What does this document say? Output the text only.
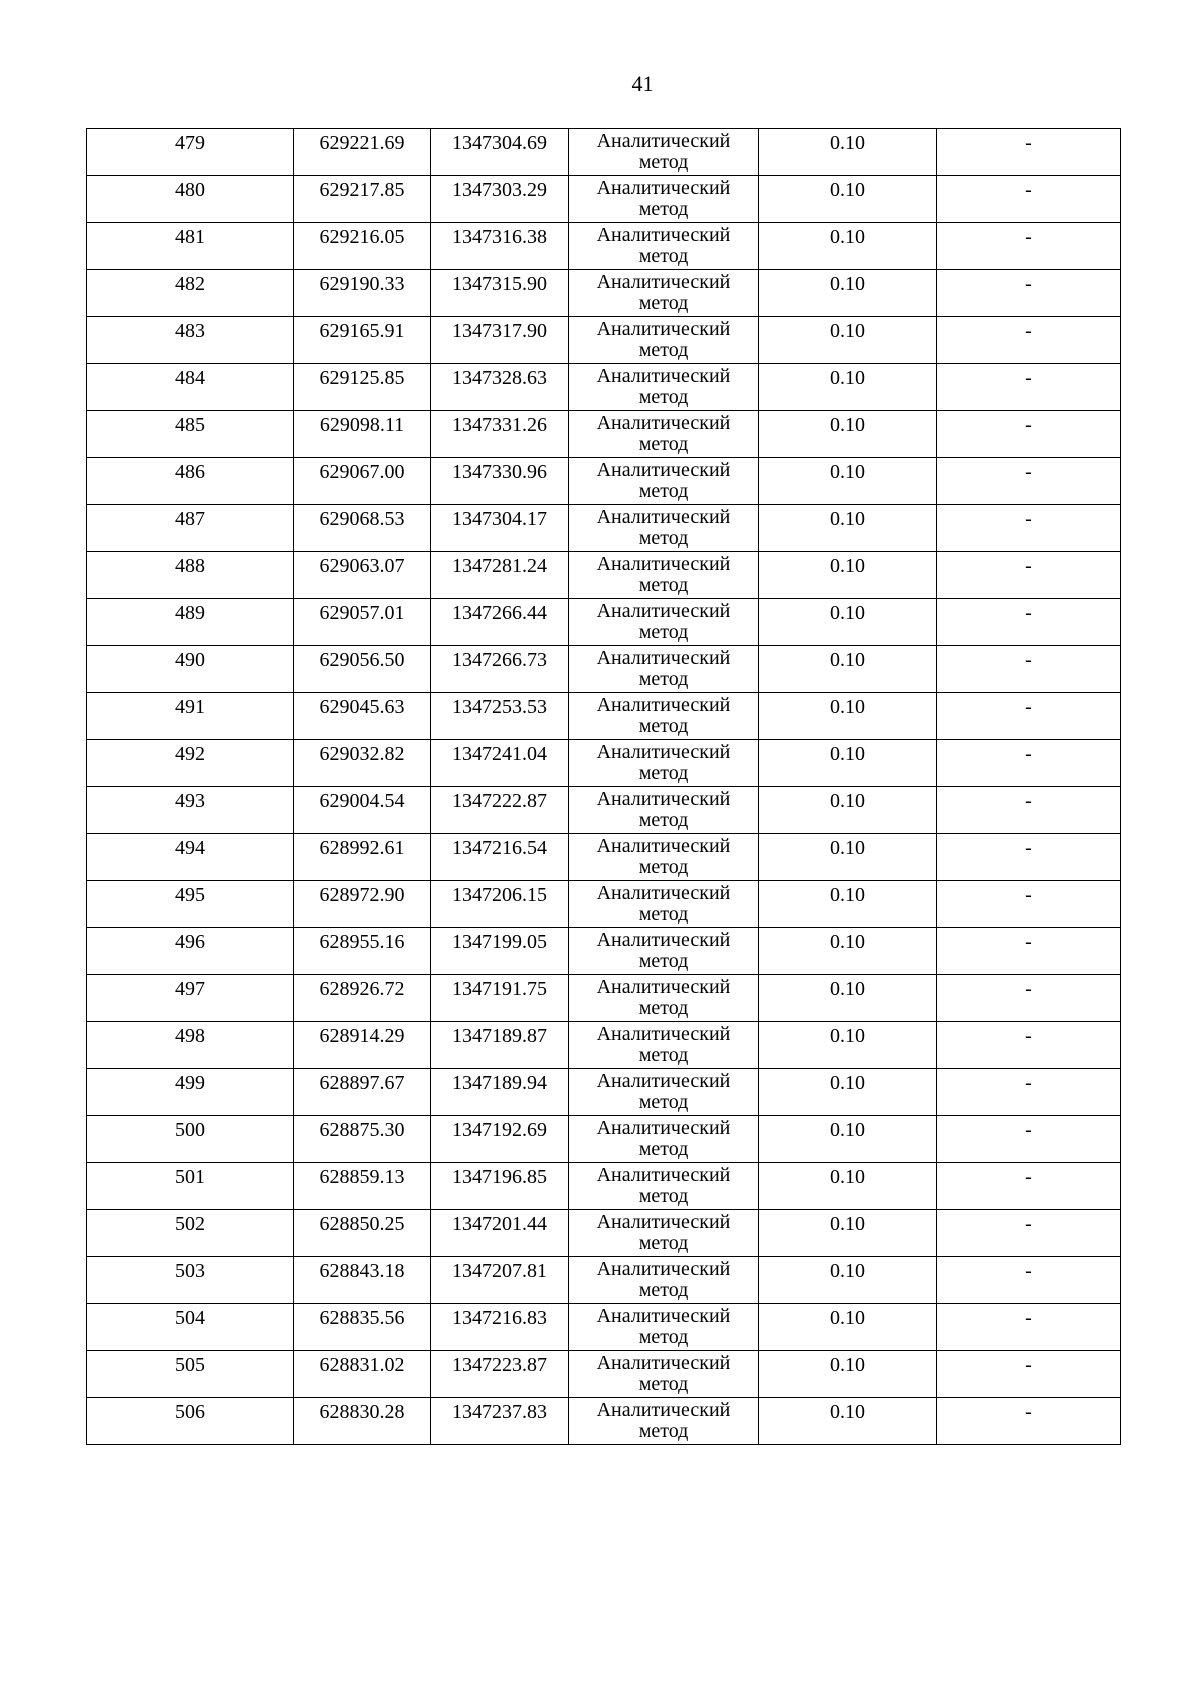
41
479	629221.69	1347304.69	Аналитический
метод	0.10	-

480	629217.85	1347303.29	Аналитический
метод	0.10	-

481	629216.05	1347316.38	Аналитический
метод	0.10	-

482	629190.33	1347315.90	Аналитический
метод	0.10	-

483	629165.91	1347317.90	Аналитический
метод	0.10	-

484	629125.85	1347328.63	Аналитический
метод	0.10	-

485	629098.11	1347331.26	Аналитический
метод	0.10	-

486	629067.00	1347330.96	Аналитический
метод	0.10	-

487	629068.53	1347304.17	Аналитический
метод	0.10	-

488	629063.07	1347281.24	Аналитический
метод	0.10	-

489	629057.01	1347266.44	Аналитический
метод	0.10	-

490	629056.50	1347266.73	Аналитический
метод	0.10	-

491	629045.63	1347253.53	Аналитический
метод	0.10	-

492	629032.82	1347241.04	Аналитический
метод	0.10	-

493	629004.54	1347222.87	Аналитический
метод	0.10	-

494	628992.61	1347216.54	Аналитический
метод	0.10	-

495	628972.90	1347206.15	Аналитический
метод	0.10	-

496	628955.16	1347199.05	Аналитический
метод	0.10	-

497	628926.72	1347191.75	Аналитический
метод	0.10	-

498	628914.29	1347189.87	Аналитический
метод	0.10	-

499	628897.67	1347189.94	Аналитический
метод	0.10	-

500	628875.30	1347192.69	Аналитический
метод	0.10	-

501	628859.13	1347196.85	Аналитический
метод	0.10	-

502	628850.25	1347201.44	Аналитический
метод	0.10	-

503	628843.18	1347207.81	Аналитический
метод	0.10	-

504	628835.56	1347216.83	Аналитический
метод	0.10	-

505	628831.02	1347223.87	Аналитический
метод	0.10	-

506	628830.28	1347237.83	Аналитический
метод	0.10	-
